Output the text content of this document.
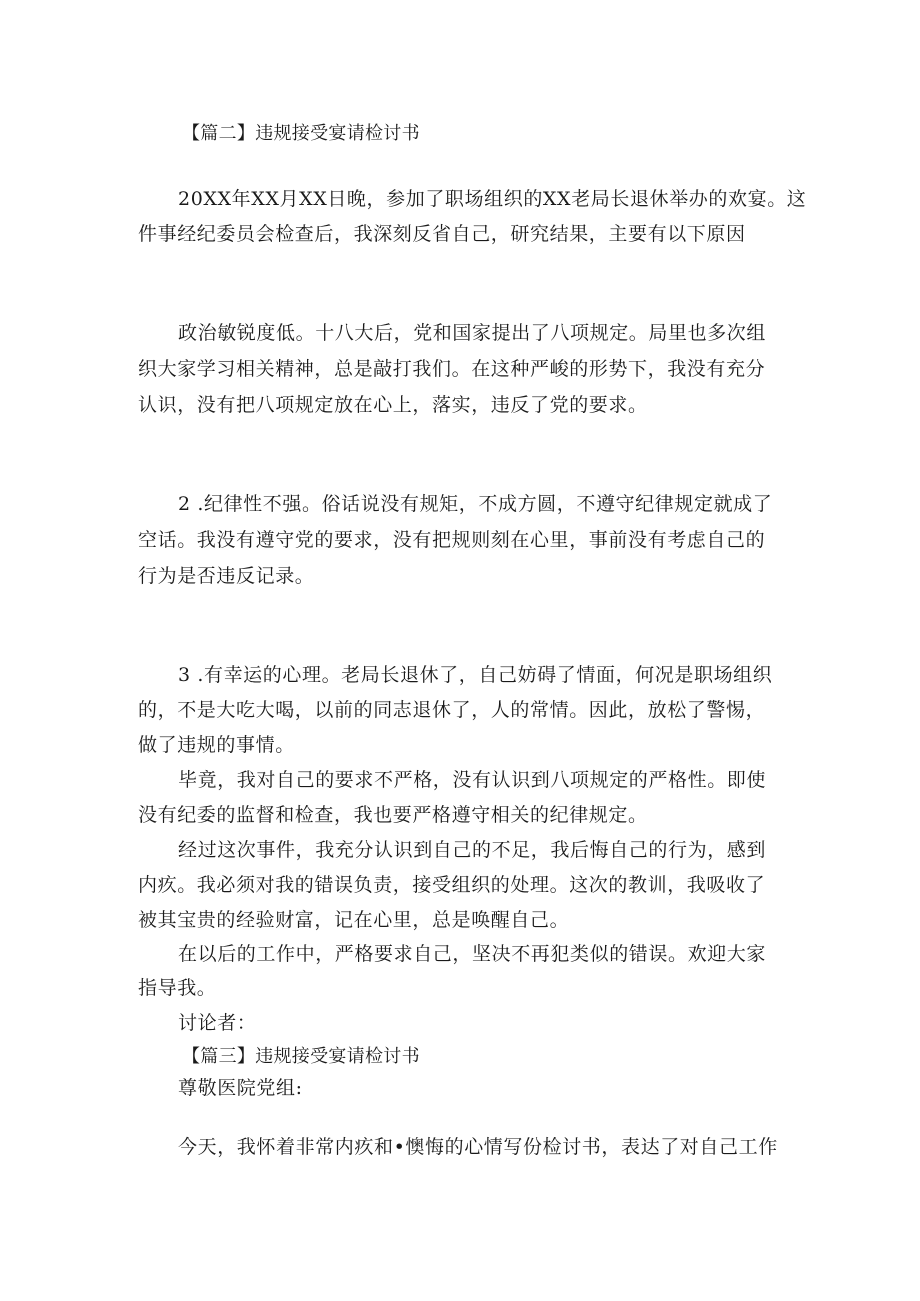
【篇二】违规接受宴请检讨书
20XX年XX月XX日晚，参加了职场组织的XX老局长退休举办的欢宴。这
件事经纪委员会检查后，我深刻反省自己，研究结果，主要有以下原因
政治敏锐度低。十八大后，党和国家提出了八项规定。局里也多次组
织大家学习相关精神，总是敲打我们。在这种严峻的形势下，我没有充分
认识，没有把八项规定放在心上，落实，违反了党的要求。
2 .纪律性不强。俗话说没有规矩，不成方圆，不遵守纪律规定就成了
空话。我没有遵守党的要求，没有把规则刻在心里，事前没有考虑自己的
行为是否违反记录。
3 .有幸运的心理。老局长退休了，自己妨碍了情面，何况是职场组织
的，不是大吃大喝，以前的同志退休了，人的常情。因此，放松了警惕，
做了违规的事情。
毕竟，我对自己的要求不严格，没有认识到八项规定的严格性。即使
没有纪委的监督和检查，我也要严格遵守相关的纪律规定。
经过这次事件，我充分认识到自己的不足，我后悔自己的行为，感到
内疚。我必须对我的错误负责，接受组织的处理。这次的教训，我吸收了
被其宝贵的经验财富，记在心里，总是唤醒自己。
在以后的工作中，严格要求自己，坚决不再犯类似的错误。欢迎大家
指导我。
讨论者：
【篇三】违规接受宴请检讨书
尊敬医院党组:
今天，我怀着非常内疚和•懊悔的心情写份检讨书，表达了对自己工作
